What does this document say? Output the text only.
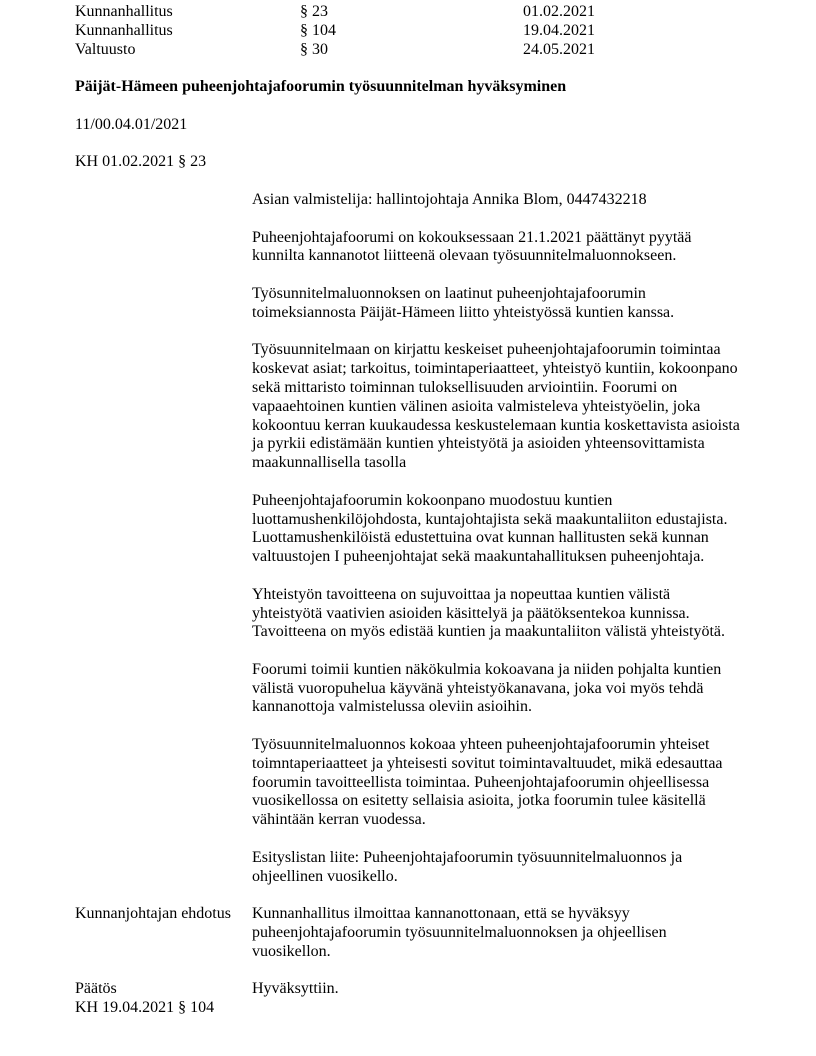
Kunnanhallitus	§ 23	01.02.2021
Kunnanhallitus	§ 104	19.04.2021
Valtuusto	§ 30	24.05.2021
Päijät-Hämeen puheenjohtajafoorumin työsuunnitelman hyväksyminen

11/00.04.01/2021

KH 01.02.2021 § 23

Asian valmistelija: hallintojohtaja Annika Blom, 0447432218

Puheenjohtajafoorumi on kokouksessaan 21.1.2021 päättänyt pyytää kunnilta kannanotot liitteenä olevaan työsuunnitelmaluonnokseen.

Työsunnitelmaluonnoksen on laatinut puheenjohtajafoorumin toimeksiannosta Päijät-Hämeen liitto yhteistyössä kuntien kanssa.

Työsuunnitelmaan on kirjattu keskeiset puheenjohtajafoorumin toimintaa koskevat asiat; tarkoitus, toimintaperiaatteet, yhteistyö kuntiin, kokoonpano sekä mittaristo toiminnan tuloksellisuuden arviointiin. Foorumi on vapaaehtoinen kuntien välinen asioita valmisteleva yhteistyöelin, joka kokoontuu kerran kuukaudessa keskustelemaan kuntia koskettavista asioista ja pyrkii edistämään kuntien yhteistyötä ja asioiden yhteensovittamista maakunnallisella tasolla

Puheenjohtajafoorumin kokoonpano muodostuu kuntien luottamushenkilöjohdosta, kuntajohtajista sekä maakuntaliiton edustajista. Luottamushenkilöistä edustettuina ovat kunnan hallitusten sekä kunnan valtuustojen I puheenjohtajat sekä maakuntahallituksen puheenjohtaja.

Yhteistyön tavoitteena on sujuvoittaa ja nopeuttaa kuntien välistä yhteistyötä vaativien asioiden käsittelyä ja päätöksentekoa kunnissa. Tavoitteena on myös edistää kuntien ja maakuntaliiton välistä yhteistyötä.

Foorumi toimii kuntien näkökulmia kokoavana ja niiden pohjalta kuntien välistä vuoropuhelua käyvänä yhteistyökanavana, joka voi myös tehdä kannanottoja valmistelussa oleviin asioihin.

Työsuunnitelmaluonnos kokoaa yhteen puheenjohtajafoorumin yhteiset toimntaperiaatteet ja yhteisesti sovitut toimintavaltuudet, mikä edesauttaa foorumin tavoitteellista toimintaa. Puheenjohtajafoorumin ohjeellisessa vuosikellossa on esitetty sellaisia asioita, jotka foorumin tulee käsitellä vähintään kerran vuodessa.

Esityslistan liite: Puheenjohtajafoorumin työsuunnitelmaluonnos ja ohjeellinen vuosikello.

Kunnanjohtajan ehdotus	Kunnanhallitus ilmoittaa kannanottonaan, että se hyväksyy puheenjohtajafoorumin työsuunnitelmaluonnoksen ja ohjeellisen vuosikellon.

Päätös
KH 19.04.2021 § 104

Hyväksyttiin.
